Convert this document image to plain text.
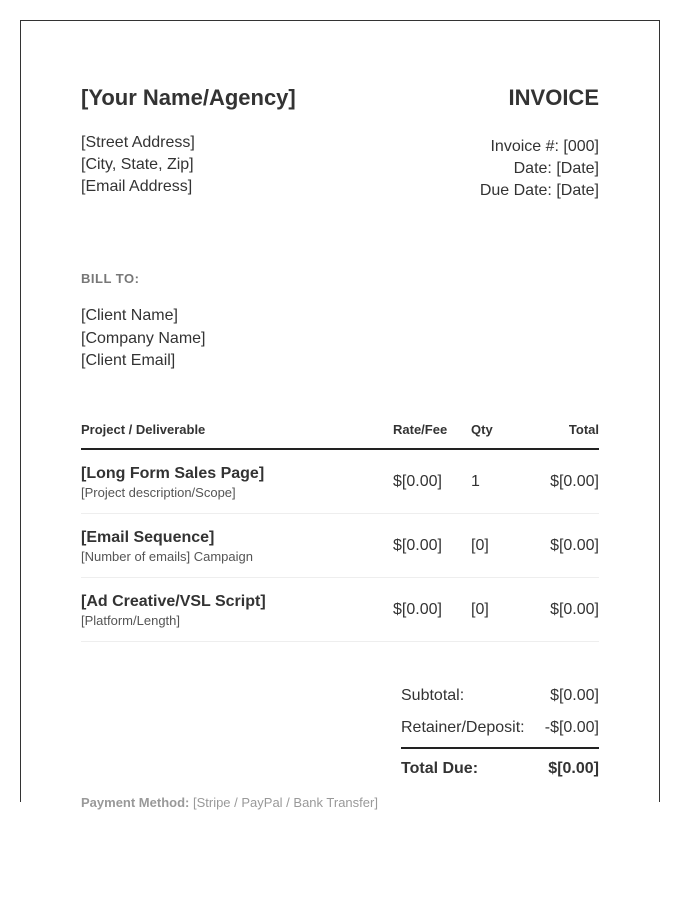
[Your Name/Agency]	INVOICE
[Street Address]
[City, State, Zip]
[Email Address]
Invoice #: [000]
Date: [Date]
Due Date: [Date]
BILL TO:
[Client Name]
[Company Name]
[Client Email]
Project / Deliverable	Rate/Fee Qty	Total
[Long Form Sales Page]
[Project description/Scope]
$[0.00] 1	$[0.00]
[Email Sequence]
[Number of emails] Campaign
$[0.00] [0]	$[0.00]
[Ad Creative/VSL Script]
[Platform/Length]
$[0.00] [0]	$[0.00]
Subtotal:	$[0.00]
Retainer/Deposit: -$[0.00]
Total Due:	$[0.00]
Payment Method: [Stripe / PayPal / Bank Transfer]
